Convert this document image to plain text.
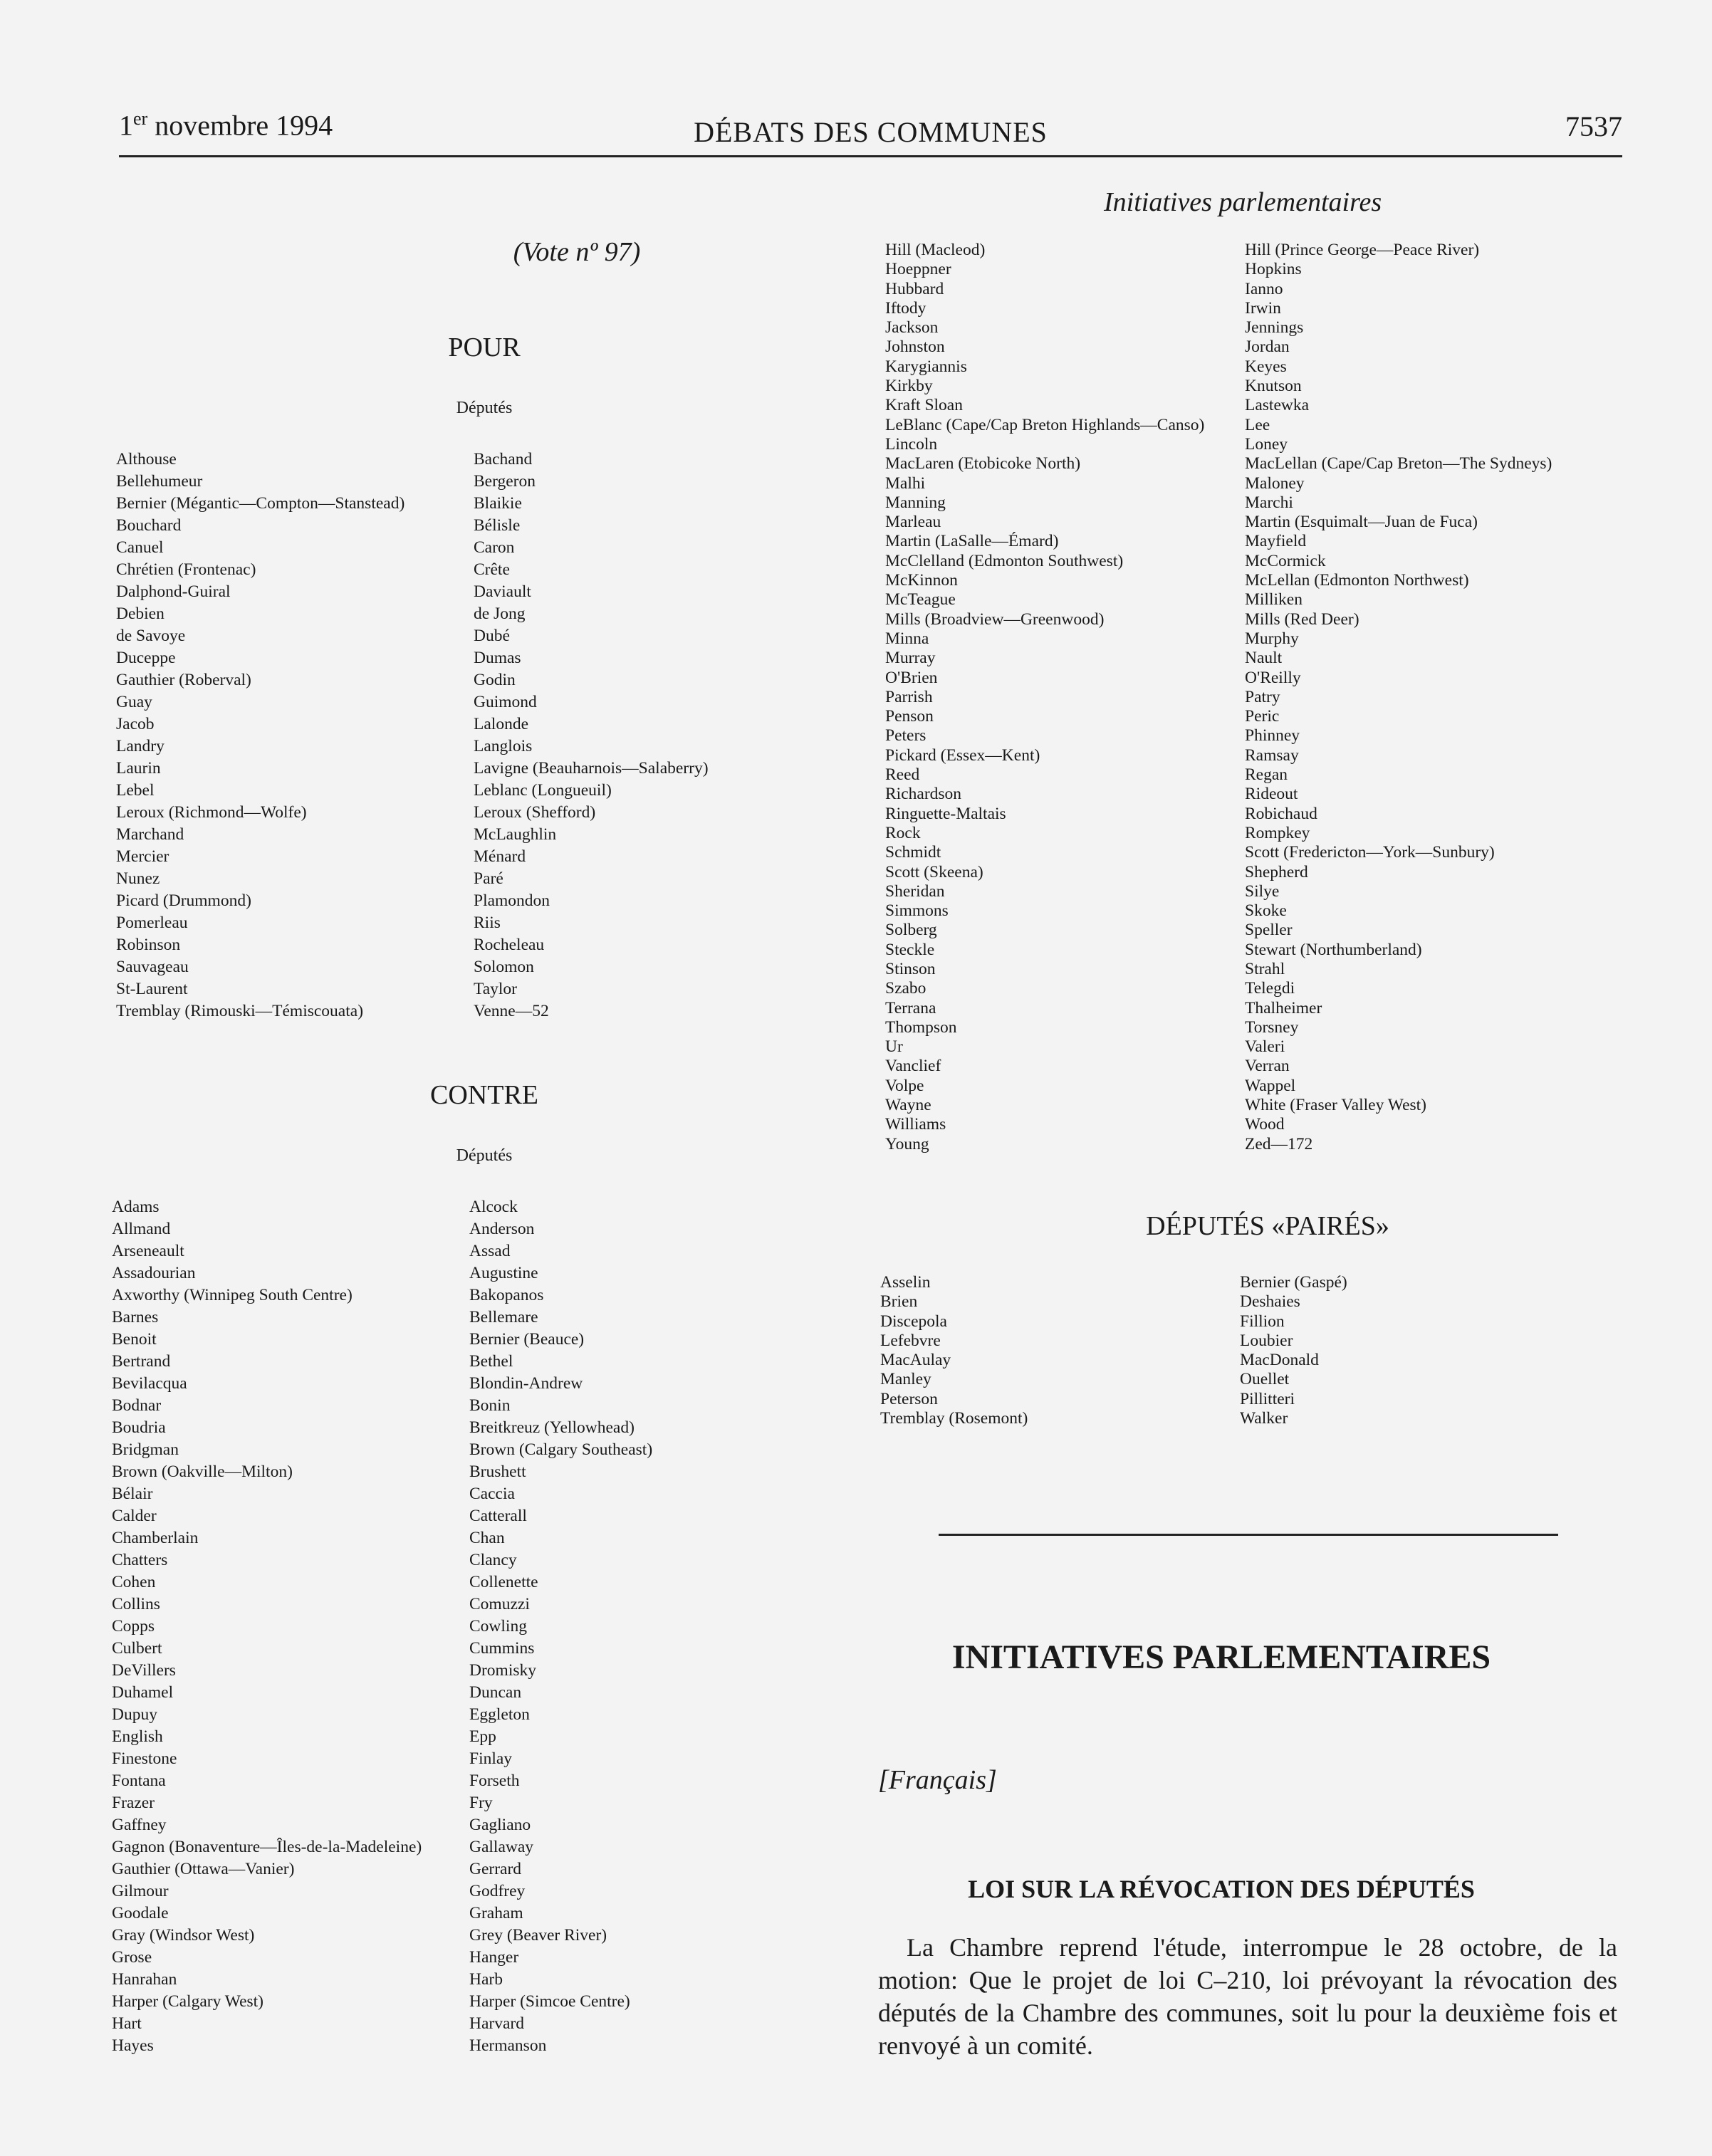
1er novembre 1994	DÉBATS DES COMMUNES	7537
Initiatives parlementaires
(Vote nº 97)
POUR
Députés
Althouse
Bellehumeur
Bernier (Mégantic—Compton—Stanstead)
Bouchard
Canuel
Chrétien (Frontenac)
Dalphond-Guiral
Debien
de Savoye
Duceppe
Gauthier (Roberval)
Guay
Jacob
Landry
Laurin
Lebel
Leroux (Richmond—Wolfe)
Marchand
Mercier
Nunez
Picard (Drummond)
Pomerleau
Robinson
Sauvageau
St-Laurent
Tremblay (Rimouski—Témiscouata)
Bachand
Bergeron
Blaikie
Bélisle
Caron
Crête
Daviault
de Jong
Dubé
Dumas
Godin
Guimond
Lalonde
Langlois
Lavigne (Beauharnois—Salaberry)
Leblanc (Longueuil)
Leroux (Shefford)
McLaughlin
Ménard
Paré
Plamondon
Riis
Rocheleau
Solomon
Taylor
Venne—52
CONTRE
Députés
Adams
Allmand
Arseneault
Assadourian
Axworthy (Winnipeg South Centre)
Barnes
Benoit
Bertrand
Bevilacqua
Bodnar
Boudria
Bridgman
Brown (Oakville—Milton)
Bélair
Calder
Chamberlain
Chatters
Cohen
Collins
Copps
Culbert
DeVillers
Duhamel
Dupuy
English
Finestone
Fontana
Frazer
Gaffney
Gagnon (Bonaventure—Îles-de-la-Madeleine)
Gauthier (Ottawa—Vanier)
Gilmour
Goodale
Gray (Windsor West)
Grose
Hanrahan
Harper (Calgary West)
Hart
Hayes
Alcock
Anderson
Assad
Augustine
Bakopanos
Bellemare
Bernier (Beauce)
Bethel
Blondin-Andrew
Bonin
Breitkreuz (Yellowhead)
Brown (Calgary Southeast)
Brushett
Caccia
Catterall
Chan
Clancy
Collenette
Comuzzi
Cowling
Cummins
Dromisky
Duncan
Eggleton
Epp
Finlay
Forseth
Fry
Gagliano
Gallaway
Gerrard
Godfrey
Graham
Grey (Beaver River)
Hanger
Harb
Harper (Simcoe Centre)
Harvard
Hermanson
Hill (Macleod)
Hoeppner
Hubbard
Iftody
Jackson
Johnston
Karygiannis
Kirkby
Kraft Sloan
LeBlanc (Cape/Cap Breton Highlands—Canso)
Lincoln
MacLaren (Etobicoke North)
Malhi
Manning
Marleau
Martin (LaSalle—Émard)
McClelland (Edmonton Southwest)
McKinnon
McTeague
Mills (Broadview—Greenwood)
Minna
Murray
O'Brien
Parrish
Penson
Peters
Pickard (Essex—Kent)
Reed
Richardson
Ringuette-Maltais
Rock
Schmidt
Scott (Skeena)
Sheridan
Simmons
Solberg
Steckle
Stinson
Szabo
Terrana
Thompson
Ur
Vanclief
Volpe
Wayne
Williams
Young
Hill (Prince George—Peace River)
Hopkins
Ianno
Irwin
Jennings
Jordan
Keyes
Knutson
Lastewka
Lee
Loney
MacLellan (Cape/Cap Breton—The Sydneys)
Maloney
Marchi
Martin (Esquimalt—Juan de Fuca)
Mayfield
McCormick
McLellan (Edmonton Northwest)
Milliken
Mills (Red Deer)
Murphy
Nault
O'Reilly
Patry
Peric
Phinney
Ramsay
Regan
Rideout
Robichaud
Rompkey
Scott (Fredericton—York—Sunbury)
Shepherd
Silye
Skoke
Speller
Stewart (Northumberland)
Strahl
Telegdi
Thalheimer
Torsney
Valeri
Verran
Wappel
White (Fraser Valley West)
Wood
Zed—172
DÉPUTÉS «PAIRÉS»
Asselin
Brien
Discepola
Lefebvre
MacAulay
Manley
Peterson
Tremblay (Rosemont)
Bernier (Gaspé)
Deshaies
Fillion
Loubier
MacDonald
Ouellet
Pillitteri
Walker
INITIATIVES PARLEMENTAIRES
[Français]
LOI SUR LA RÉVOCATION DES DÉPUTÉS
La Chambre reprend l'étude, interrompue le 28 octobre, de la motion: Que le projet de loi C–210, loi prévoyant la révocation des députés de la Chambre des communes, soit lu pour la deuxième fois et renvoyé à un comité.
